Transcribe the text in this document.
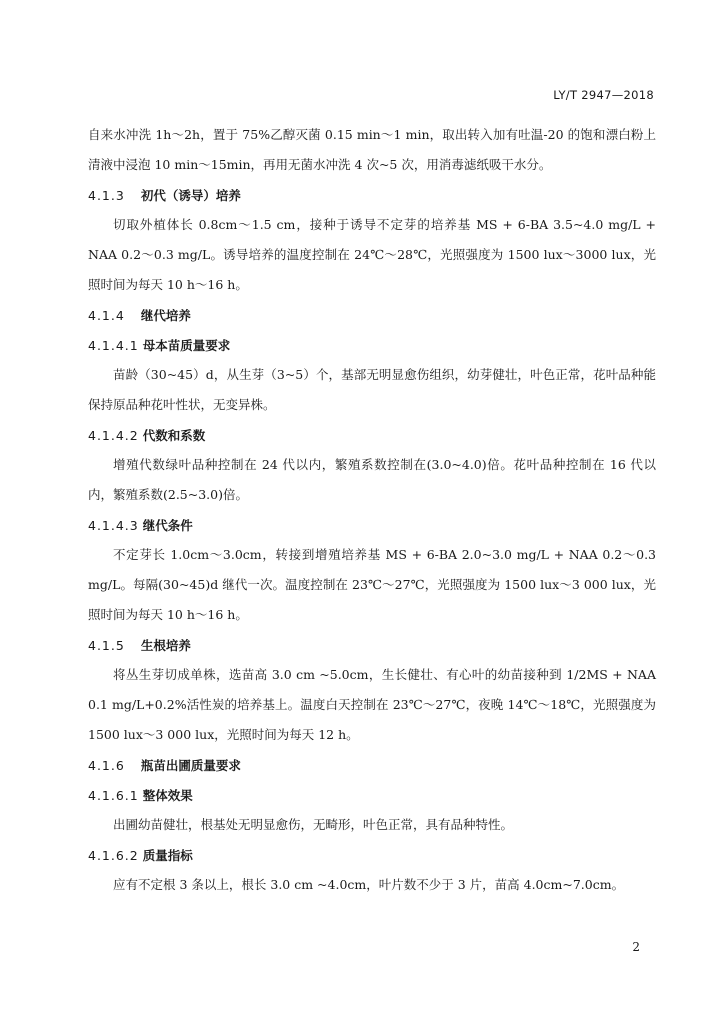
LY/T 2947—2018

自来水冲洗 1h～2h，置于 75%乙醇灭菌 0.15 min～1 min，取出转入加有吐温-20 的饱和漂白粉上清液中浸泡 10 min～15min，再用无菌水冲洗 4 次~5 次，用消毒滤纸吸干水分。

4.1.3 初代（诱导）培养

切取外植体长 0.8cm～1.5 cm，接种于诱导不定芽的培养基 MS + 6-BA 3.5~4.0 mg/L + NAA 0.2～0.3 mg/L。诱导培养的温度控制在 24℃～28℃，光照强度为 1500 lux～3000 lux，光照时间为每天 10 h～16 h。

4.1.4 继代培养
4.1.4.1 母本苗质量要求

苗龄（30~45）d，从生芽（3~5）个，基部无明显愈伤组织，幼芽健壮，叶色正常，花叶品种能保持原品种花叶性状，无变异株。

4.1.4.2 代数和系数

增殖代数绿叶品种控制在 24 代以内，繁殖系数控制在(3.0~4.0)倍。花叶品种控制在 16 代以内，繁殖系数(2.5~3.0)倍。

4.1.4.3 继代条件

不定芽长 1.0cm～3.0cm，转接到增殖培养基 MS + 6-BA 2.0~3.0 mg/L + NAA 0.2～0.3 mg/L。每隔(30~45)d 继代一次。温度控制在 23℃～27℃，光照强度为 1500 lux～3 000 lux，光照时间为每天 10 h～16 h。

4.1.5 生根培养

将丛生芽切成单株，选苗高 3.0 cm ~5.0cm，生长健壮、有心叶的幼苗接种到 1/2MS + NAA 0.1 mg/L+0.2%活性炭的培养基上。温度白天控制在 23℃～27℃，夜晚 14℃～18℃，光照强度为 1500 lux～3 000 lux，光照时间为每天 12 h。

4.1.6 瓶苗出圃质量要求
4.1.6.1 整体效果

出圃幼苗健壮，根基处无明显愈伤，无畸形，叶色正常，具有品种特性。

4.1.6.2 质量指标

应有不定根 3 条以上，根长 3.0 cm ~4.0cm，叶片数不少于 3 片，苗高 4.0cm~7.0cm。

2
